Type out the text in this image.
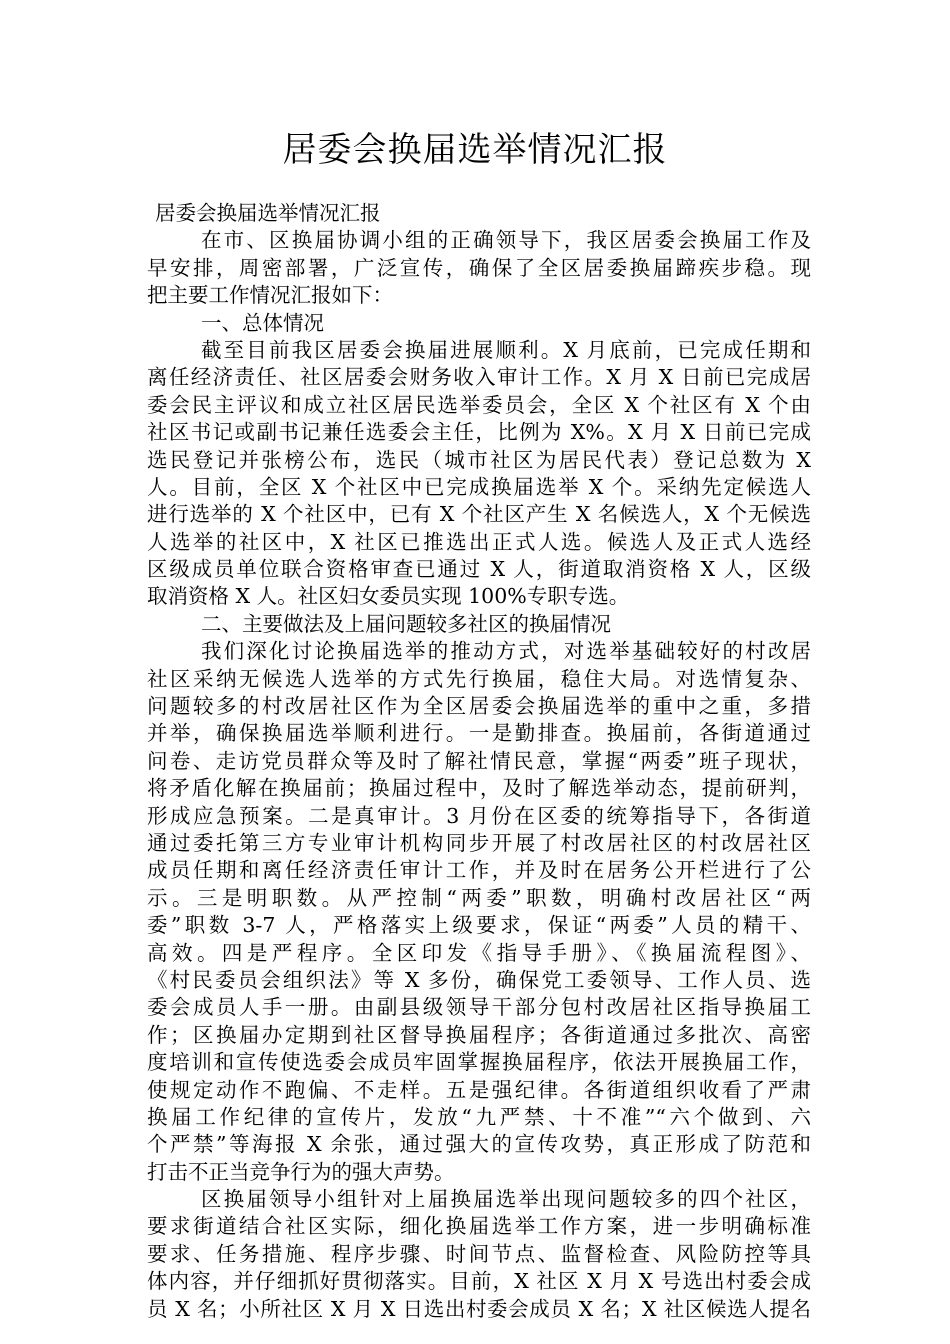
居委会换届选举情况汇报
居委会换届选举情况汇报
在市、区换届协调小组的正确领导下，我区居委会换届工作及
早安排，周密部署，广泛宣传，确保了全区居委换届蹄疾步稳。现
把主要工作情况汇报如下：
一、总体情况
截至目前我区居委会换届进展顺利。X 月底前，已完成任期和
离任经济责任、社区居委会财务收入审计工作。X 月 X 日前已完成居
委会民主评议和成立社区居民选举委员会，全区 X 个社区有 X 个由
社区书记或副书记兼任选委会主任，比例为 X%。X 月 X 日前已完成
选民登记并张榜公布，选民（城市社区为居民代表）登记总数为 X
人。目前，全区 X 个社区中已完成换届选举 X 个。采纳先定候选人
进行选举的 X 个社区中，已有 X 个社区产生 X 名候选人，X 个无候选
人选举的社区中，X 社区已推选出正式人选。候选人及正式人选经
区级成员单位联合资格审查已通过 X 人，街道取消资格 X 人，区级
取消资格 X 人。社区妇女委员实现 100%专职专选。
二、主要做法及上届问题较多社区的换届情况
我们深化讨论换届选举的推动方式，对选举基础较好的村改居
社区采纳无候选人选举的方式先行换届，稳住大局。对选情复杂、
问题较多的村改居社区作为全区居委会换届选举的重中之重，多措
并举，确保换届选举顺利进行。一是勤排查。换届前，各街道通过
问卷、走访党员群众等及时了解社情民意，掌握“两委”班子现状，
将矛盾化解在换届前；换届过程中，及时了解选举动态，提前研判，
形成应急预案。二是真审计。3 月份在区委的统筹指导下，各街道
通过委托第三方专业审计机构同步开展了村改居社区的村改居社区
成员任期和离任经济责任审计工作，并及时在居务公开栏进行了公
示。三是明职数。从严控制“两委”职数，明确村改居社区“两
委”职数 3-7 人，严格落实上级要求，保证“两委”人员的精干、
高效。四是严程序。全区印发《指导手册》、《换届流程图》、
《村民委员会组织法》等 X 多份，确保党工委领导、工作人员、选
委会成员人手一册。由副县级领导干部分包村改居社区指导换届工
作；区换届办定期到社区督导换届程序；各街道通过多批次、高密
度培训和宣传使选委会成员牢固掌握换届程序，依法开展换届工作，
使规定动作不跑偏、不走样。五是强纪律。各街道组织收看了严肃
换届工作纪律的宣传片，发放“九严禁、十不准”“六个做到、六
个严禁”等海报 X 余张，通过强大的宣传攻势，真正形成了防范和
打击不正当竞争行为的强大声势。
区换届领导小组针对上届换届选举出现问题较多的四个社区，
要求街道结合社区实际，细化换届选举工作方案，进一步明确标准
要求、任务措施、程序步骤、时间节点、监督检查、风险防控等具
体内容，并仔细抓好贯彻落实。目前，X 社区 X 月 X 号选出村委会成
员 X 名；小所社区 X 月 X 日选出村委会成员 X 名；X 社区候选人提名
